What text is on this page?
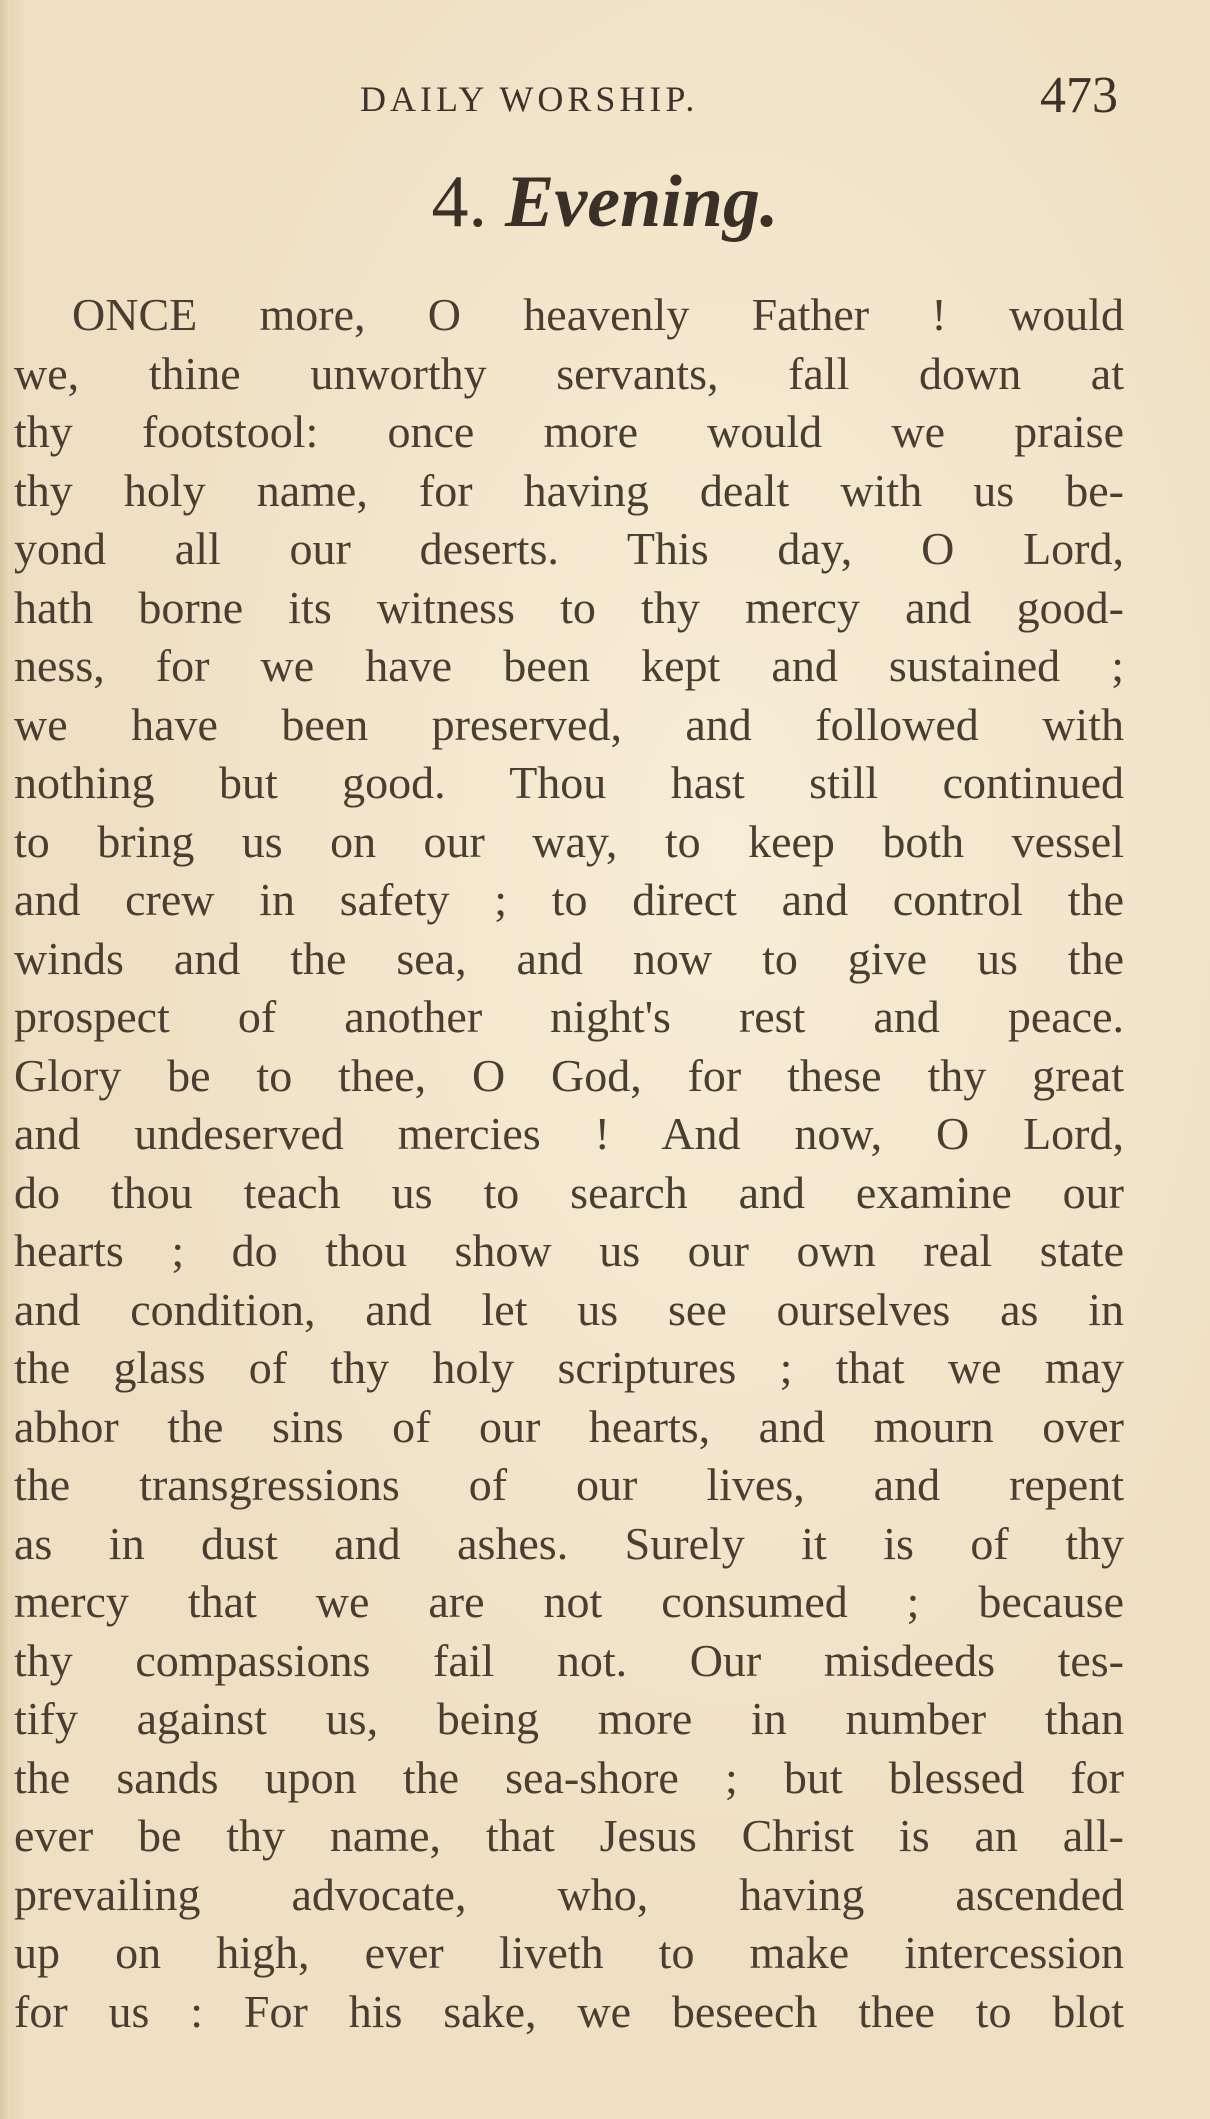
DAILY WORSHIP.	473
4. Evening.
ONCE more, O heavenly Father ! would
we, thine unworthy servants, fall down at
thy footstool: once more would we praise
thy holy name, for having dealt with us be-
yond all our deserts. This day, O Lord,
hath borne its witness to thy mercy and good-
ness, for we have been kept and sustained ;
we have been preserved, and followed with
nothing but good. Thou hast still continued
to bring us on our way, to keep both vessel
and crew in safety ; to direct and control the
winds and the sea, and now to give us the
prospect of another night's rest and peace.
Glory be to thee, O God, for these thy great
and undeserved mercies ! And now, O Lord,
do thou teach us to search and examine our
hearts ; do thou show us our own real state
and condition, and let us see ourselves as in
the glass of thy holy scriptures ; that we may
abhor the sins of our hearts, and mourn over
the transgressions of our lives, and repent
as in dust and ashes. Surely it is of thy
mercy that we are not consumed ; because
thy compassions fail not. Our misdeeds tes-
tify against us, being more in number than
the sands upon the sea-shore ; but blessed for
ever be thy name, that Jesus Christ is an all-
prevailing advocate, who, having ascended
up on high, ever liveth to make intercession
for us : For his sake, we beseech thee to blot
